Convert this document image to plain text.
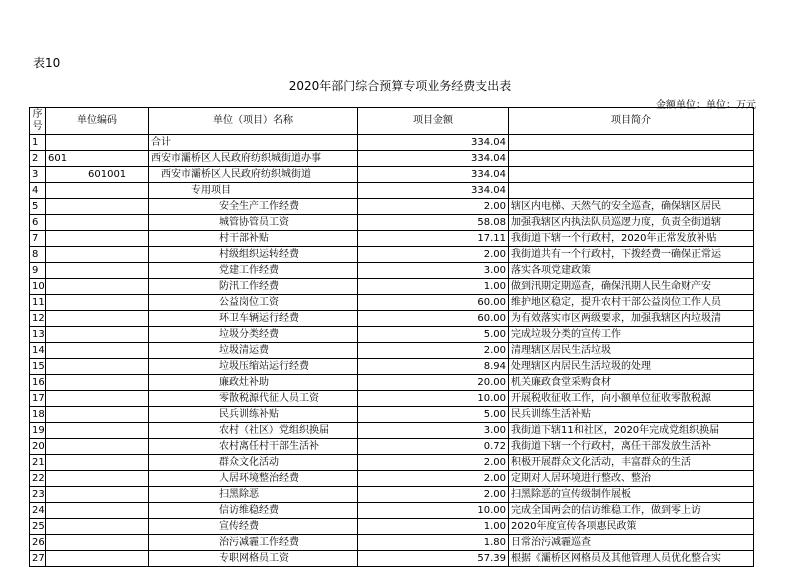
表10
2020年部门综合预算专项业务经费支出表
金额单位：单位：万元
序号	单位编码	单位（项目）名称	项目金额	项目简介
1		合计	334.04	
2	601	西安市灞桥区人民政府纺织城街道办事	334.04	
3	601001	西安市灞桥区人民政府纺织城街道	334.04	
4		专用项目	334.04	
5		安全生产工作经费	2.00	辖区内电梯、天然气的安全巡查，确保辖区居民
6		城管协管员工资	58.08	加强我辖区内执法队员巡逻力度，负责全街道辖
7		村干部补贴	17.11	我街道下辖一个行政村，2020年正常发放补贴
8		村级组织运转经费	2.00	我街道共有一个行政村，下拨经费一确保正常运
9		党建工作经费	3.00	落实各项党建政策
10		防汛工作经费	1.00	做到汛期定期巡查，确保汛期人民生命财产安
11		公益岗位工资	60.00	维护地区稳定，提升农村干部公益岗位工作人员
12		环卫车辆运行经费	60.00	为有效落实市区两级要求，加强我辖区内垃圾清
13		垃圾分类经费	5.00	完成垃圾分类的宣传工作
14		垃圾清运费	2.00	清理辖区居民生活垃圾
15		垃圾压缩站运行经费	8.94	处理辖区内居民生活垃圾的处理
16		廉政灶补助	20.00	机关廉政食堂采购食材
17		零散税源代征人员工资	10.00	开展税收征收工作，向小额单位征收零散税源
18		民兵训练补贴	5.00	民兵训练生活补贴
19		农村（社区）党组织换届	3.00	我街道下辖11和社区，2020年完成党组织换届
20		农村离任村干部生活补	0.72	我街道下辖一个行政村，离任干部发放生活补
21		群众文化活动	2.00	积极开展群众文化活动，丰富群众的生活
22		人居环境整治经费	2.00	定期对人居环境进行整改、整治
23		扫黑除恶	2.00	扫黑除恶的宣传级制作展板
24		信访维稳经费	10.00	完成全国两会的信访维稳工作，做到零上访
25		宣传经费	1.00	2020年度宣传各项惠民政策
26		治污减霾工作经费	1.80	日常治污减霾巡查
27		专职网格员工资	57.39	根据《灞桥区网格员及其他管理人员优化整合实
